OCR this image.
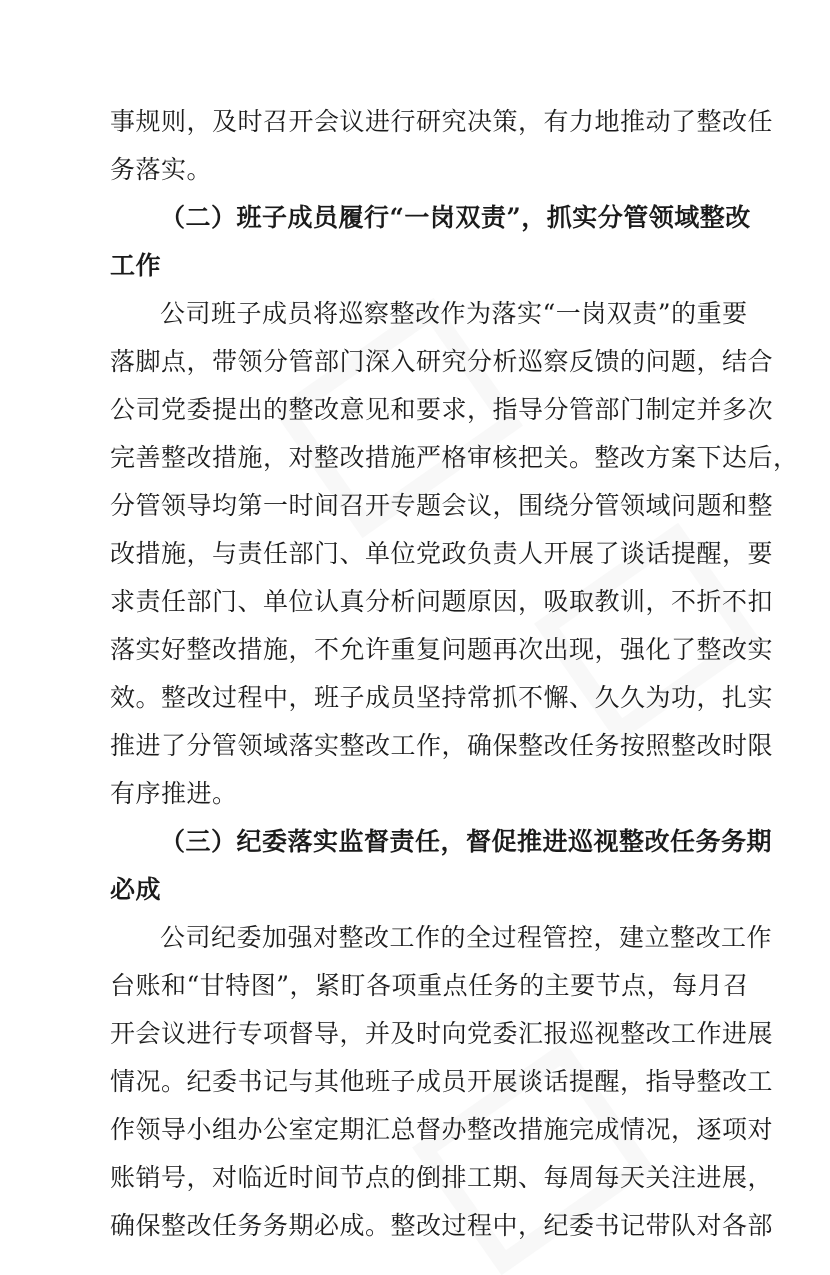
事规则，及时召开会议进行研究决策，有力地推动了整改任
务落实。
（二）班子成员履行“一岗双责”，抓实分管领域整改
工作
公司班子成员将巡察整改作为落实“一岗双责”的重要
落脚点，带领分管部门深入研究分析巡察反馈的问题，结合
公司党委提出的整改意见和要求，指导分管部门制定并多次
完善整改措施，对整改措施严格审核把关。整改方案下达后，
分管领导均第一时间召开专题会议，围绕分管领域问题和整
改措施，与责任部门、单位党政负责人开展了谈话提醒，要
求责任部门、单位认真分析问题原因，吸取教训，不折不扣
落实好整改措施，不允许重复问题再次出现，强化了整改实
效。整改过程中，班子成员坚持常抓不懈、久久为功，扎实
推进了分管领域落实整改工作，确保整改任务按照整改时限
有序推进。
（三）纪委落实监督责任，督促推进巡视整改任务务期
必成
公司纪委加强对整改工作的全过程管控，建立整改工作
台账和“甘特图”，紧盯各项重点任务的主要节点，每月召
开会议进行专项督导，并及时向党委汇报巡视整改工作进展
情况。纪委书记与其他班子成员开展谈话提醒，指导整改工
作领导小组办公室定期汇总督办整改措施完成情况，逐项对
账销号，对临近时间节点的倒排工期、每周每天关注进展，
确保整改任务务期必成。整改过程中，纪委书记带队对各部
